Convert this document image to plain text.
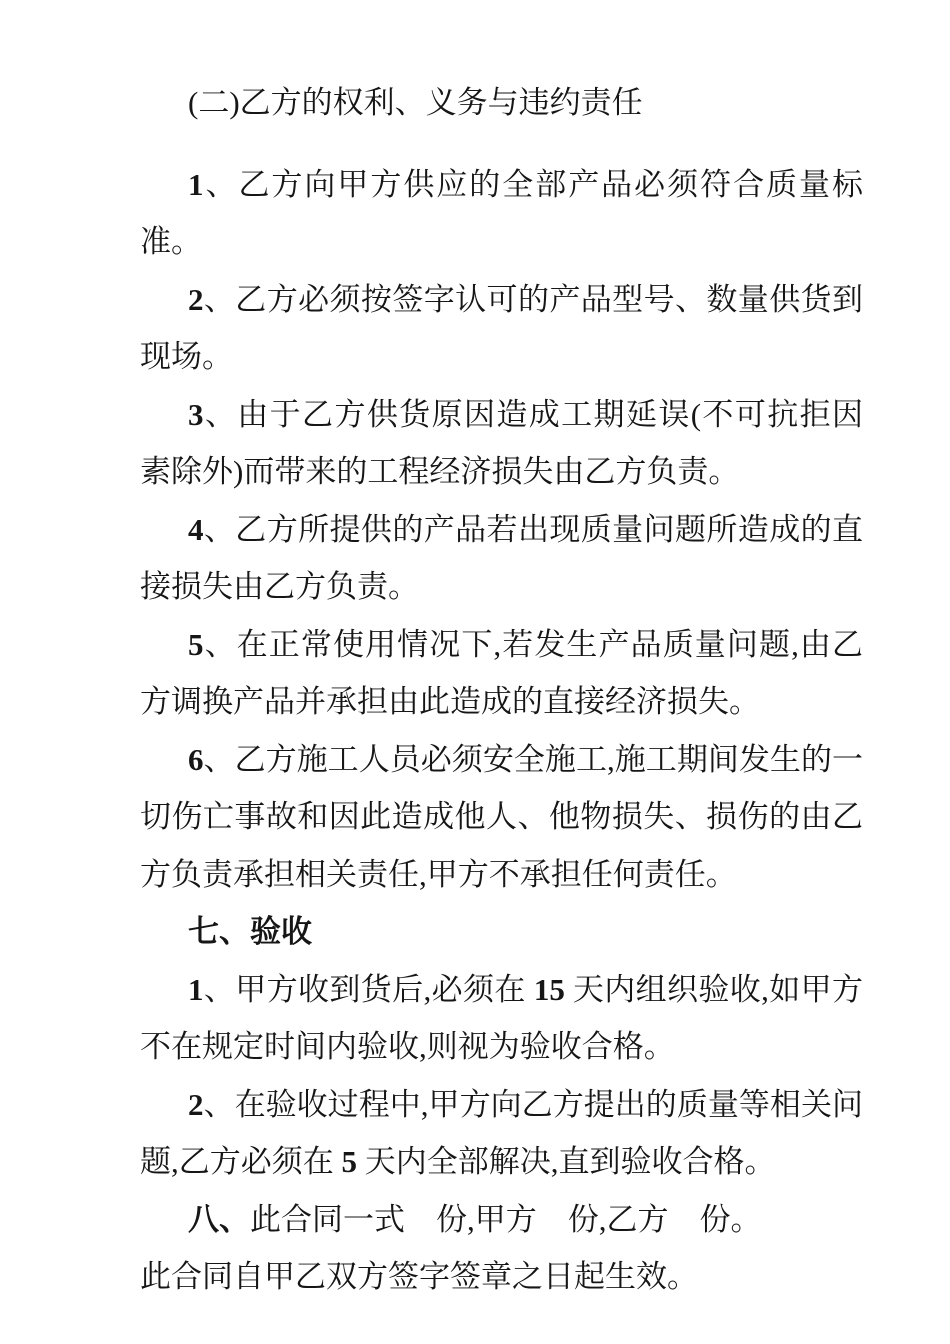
(二)乙方的权利、义务与违约责任

1、乙方向甲方供应的全部产品必须符合质量标准。

2、乙方必须按签字认可的产品型号、数量供货到现场。

3、由于乙方供货原因造成工期延误(不可抗拒因素除外)而带来的工程经济损失由乙方负责。

4、乙方所提供的产品若出现质量问题所造成的直接损失由乙方负责。

5、在正常使用情况下,若发生产品质量问题,由乙方调换产品并承担由此造成的直接经济损失。

6、乙方施工人员必须安全施工,施工期间发生的一切伤亡事故和因此造成他人、他物损失、损伤的由乙方负责承担相关责任,甲方不承担任何责任。

七、验收

1、甲方收到货后,必须在 15 天内组织验收,如甲方不在规定时间内验收,则视为验收合格。

2、在验收过程中,甲方向乙方提出的质量等相关问题,乙方必须在 5 天内全部解决,直到验收合格。

八、此合同一式　份,甲方　份,乙方　份。

此合同自甲乙双方签字签章之日起生效。
